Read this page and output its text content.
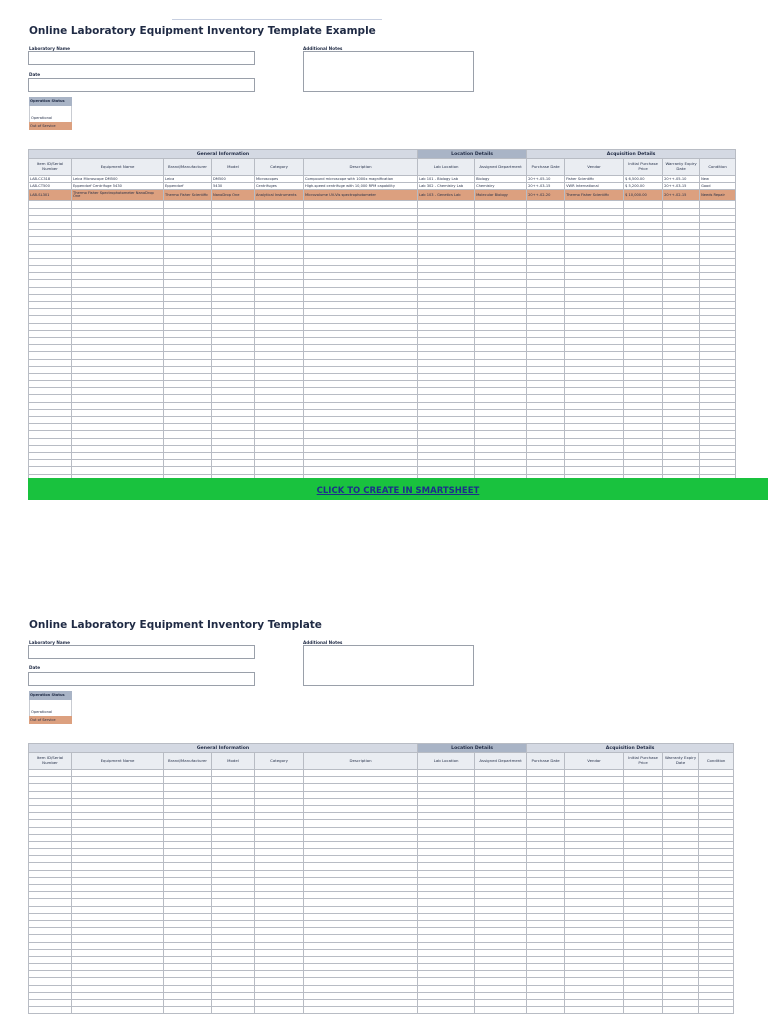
Online Laboratory Equipment Inventory Template Example
Laboratory Name
Date
Additional Notes
Operation Status
Operational
Out of Service
General Information						Location Details		Acquisition Details				
Item ID/Serial Number	Equipment Name	Brand/Manufacturer	Model	Category	Description	Lab Location	Assigned Department	Purchase Date	Vendor	Initial Purchase Price	Warranty Expiry Date	Condition
LAB-CC318	Leica Microscope DM500	Leica	DM500	Microscopes	Compound microscope with 1000x magnification	Lab 101 - Biology Lab	Biology	20++-05-10	Fisher Scientific	$ 6,500.00	20++-05-10	New
LAB-CT500	Eppendorf Centrifuge 5430	Eppendorf	5430	Centrifuges	High-speed centrifuge with 10,000 RPM capability	Lab 302 - Chemistry Lab	Chemistry	20++-03-15	VWR International	$ 5,200.00	20++-03-15	Good
LAB-SL301	Thermo Fisher Spectrophotometer NanoDrop One	Thermo Fisher Scientific	NanoDrop One	Analytical Instruments	Microvolume UV-Vis spectrophotometer	Lab 103 - Genetics Lab	Molecular Biology	20++-02-20	Thermo Fisher Scientific	$ 10,000.00	20++-02-15	Needs Repair

CLICK TO CREATE IN SMARTSHEET
Online Laboratory Equipment Inventory Template
Laboratory Name
Date
Additional Notes
Operation Status
Operational
Out of Service
General Information						Location Details		Acquisition Details				
Item ID/Serial Number	Equipment Name	Brand/Manufacturer	Model	Category	Description	Lab Location	Assigned Department	Purchase Date	Vendor	Initial Purchase Price	Warranty Expiry Date	Condition
